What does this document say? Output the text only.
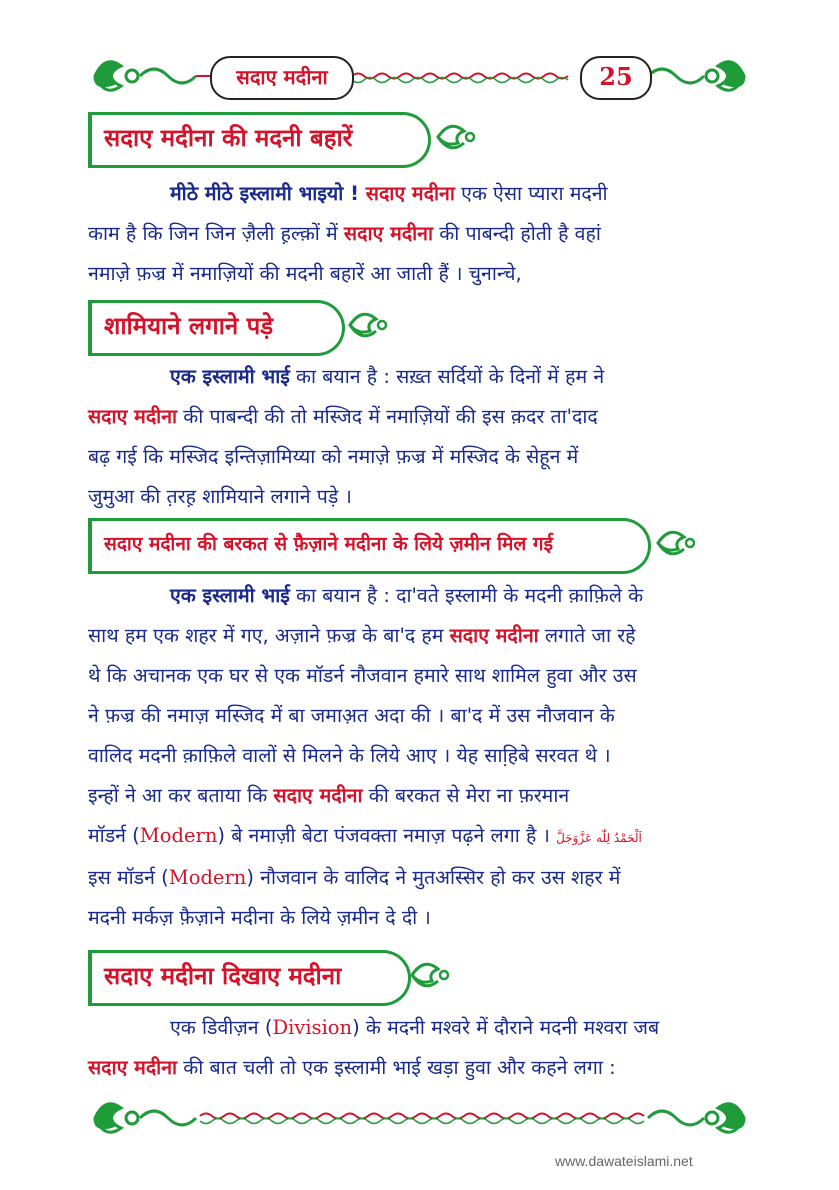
सदाए मदीना	25
सदाए मदीना की मदनी बहारें
मीठे मीठे इस्लामी भाइयो ! सदाए मदीना एक ऐसा प्यारा मदनी
काम है कि जिन जिन ज़ैली ह़ल्क़ों में सदाए मदीना की पाबन्दी होती है वहां
नमाज़े फ़ज्र में नमाज़ियों की मदनी बहारें आ जाती हैं । चुनान्चे,
शामियाने लगाने पड़े
एक इस्लामी भाई का बयान है : सख़्त सर्दियों के दिनों में हम ने
सदाए मदीना की पाबन्दी की तो मस्जिद में नमाज़ियों की इस क़दर ता'दाद
बढ़ गई कि मस्जिद इन्तिज़ामिय्या को नमाज़े फ़ज्र में मस्जिद के सेहून में
जुमुआ की त़रह़ शामियाने लगाने पड़े ।
सदाए मदीना की बरकत से फ़ैज़ाने मदीना के लिये ज़मीन मिल गई
एक इस्लामी भाई का बयान है : दा'वते इस्लामी के मदनी क़ाफ़िले के
साथ हम एक शहर में गए, अज़ाने फ़ज्र के बा'द हम सदाए मदीना लगाते जा रहे
थे कि अचानक एक घर से एक मॉडर्न नौजवान हमारे साथ शामिल हुवा और उस
ने फ़ज्र की नमाज़ मस्जिद में बा जमाअ़त अदा की । बा'द में उस नौजवान के
वालिद मदनी क़ाफ़िले वालों से मिलने के लिये आए । येह साहि़बे सरवत थे ।
इन्हों ने आ कर बताया कि सदाए मदीना की बरकत से मेरा ना फ़रमान
मॉडर्न (Modern) बे नमाज़ी बेटा पंजवक्ता नमाज़ पढ़ने लगा है । اَلْحَمْدُ لِلّٰه عَزَّوَجَلَّ
इस मॉडर्न (Modern) नौजवान के वालिद ने मुतअस्सिर हो कर उस शहर में
मदनी मर्कज़ फ़ैज़ाने मदीना के लिये ज़मीन दे दी ।
सदाए मदीना दिखाए मदीना
एक डिवीज़न (Division) के मदनी मश्वरे में दौराने मदनी मश्वरा जब
सदाए मदीना की बात चली तो एक इस्लामी भाई खड़ा हुवा और कहने लगा :
www.dawateislami.net
